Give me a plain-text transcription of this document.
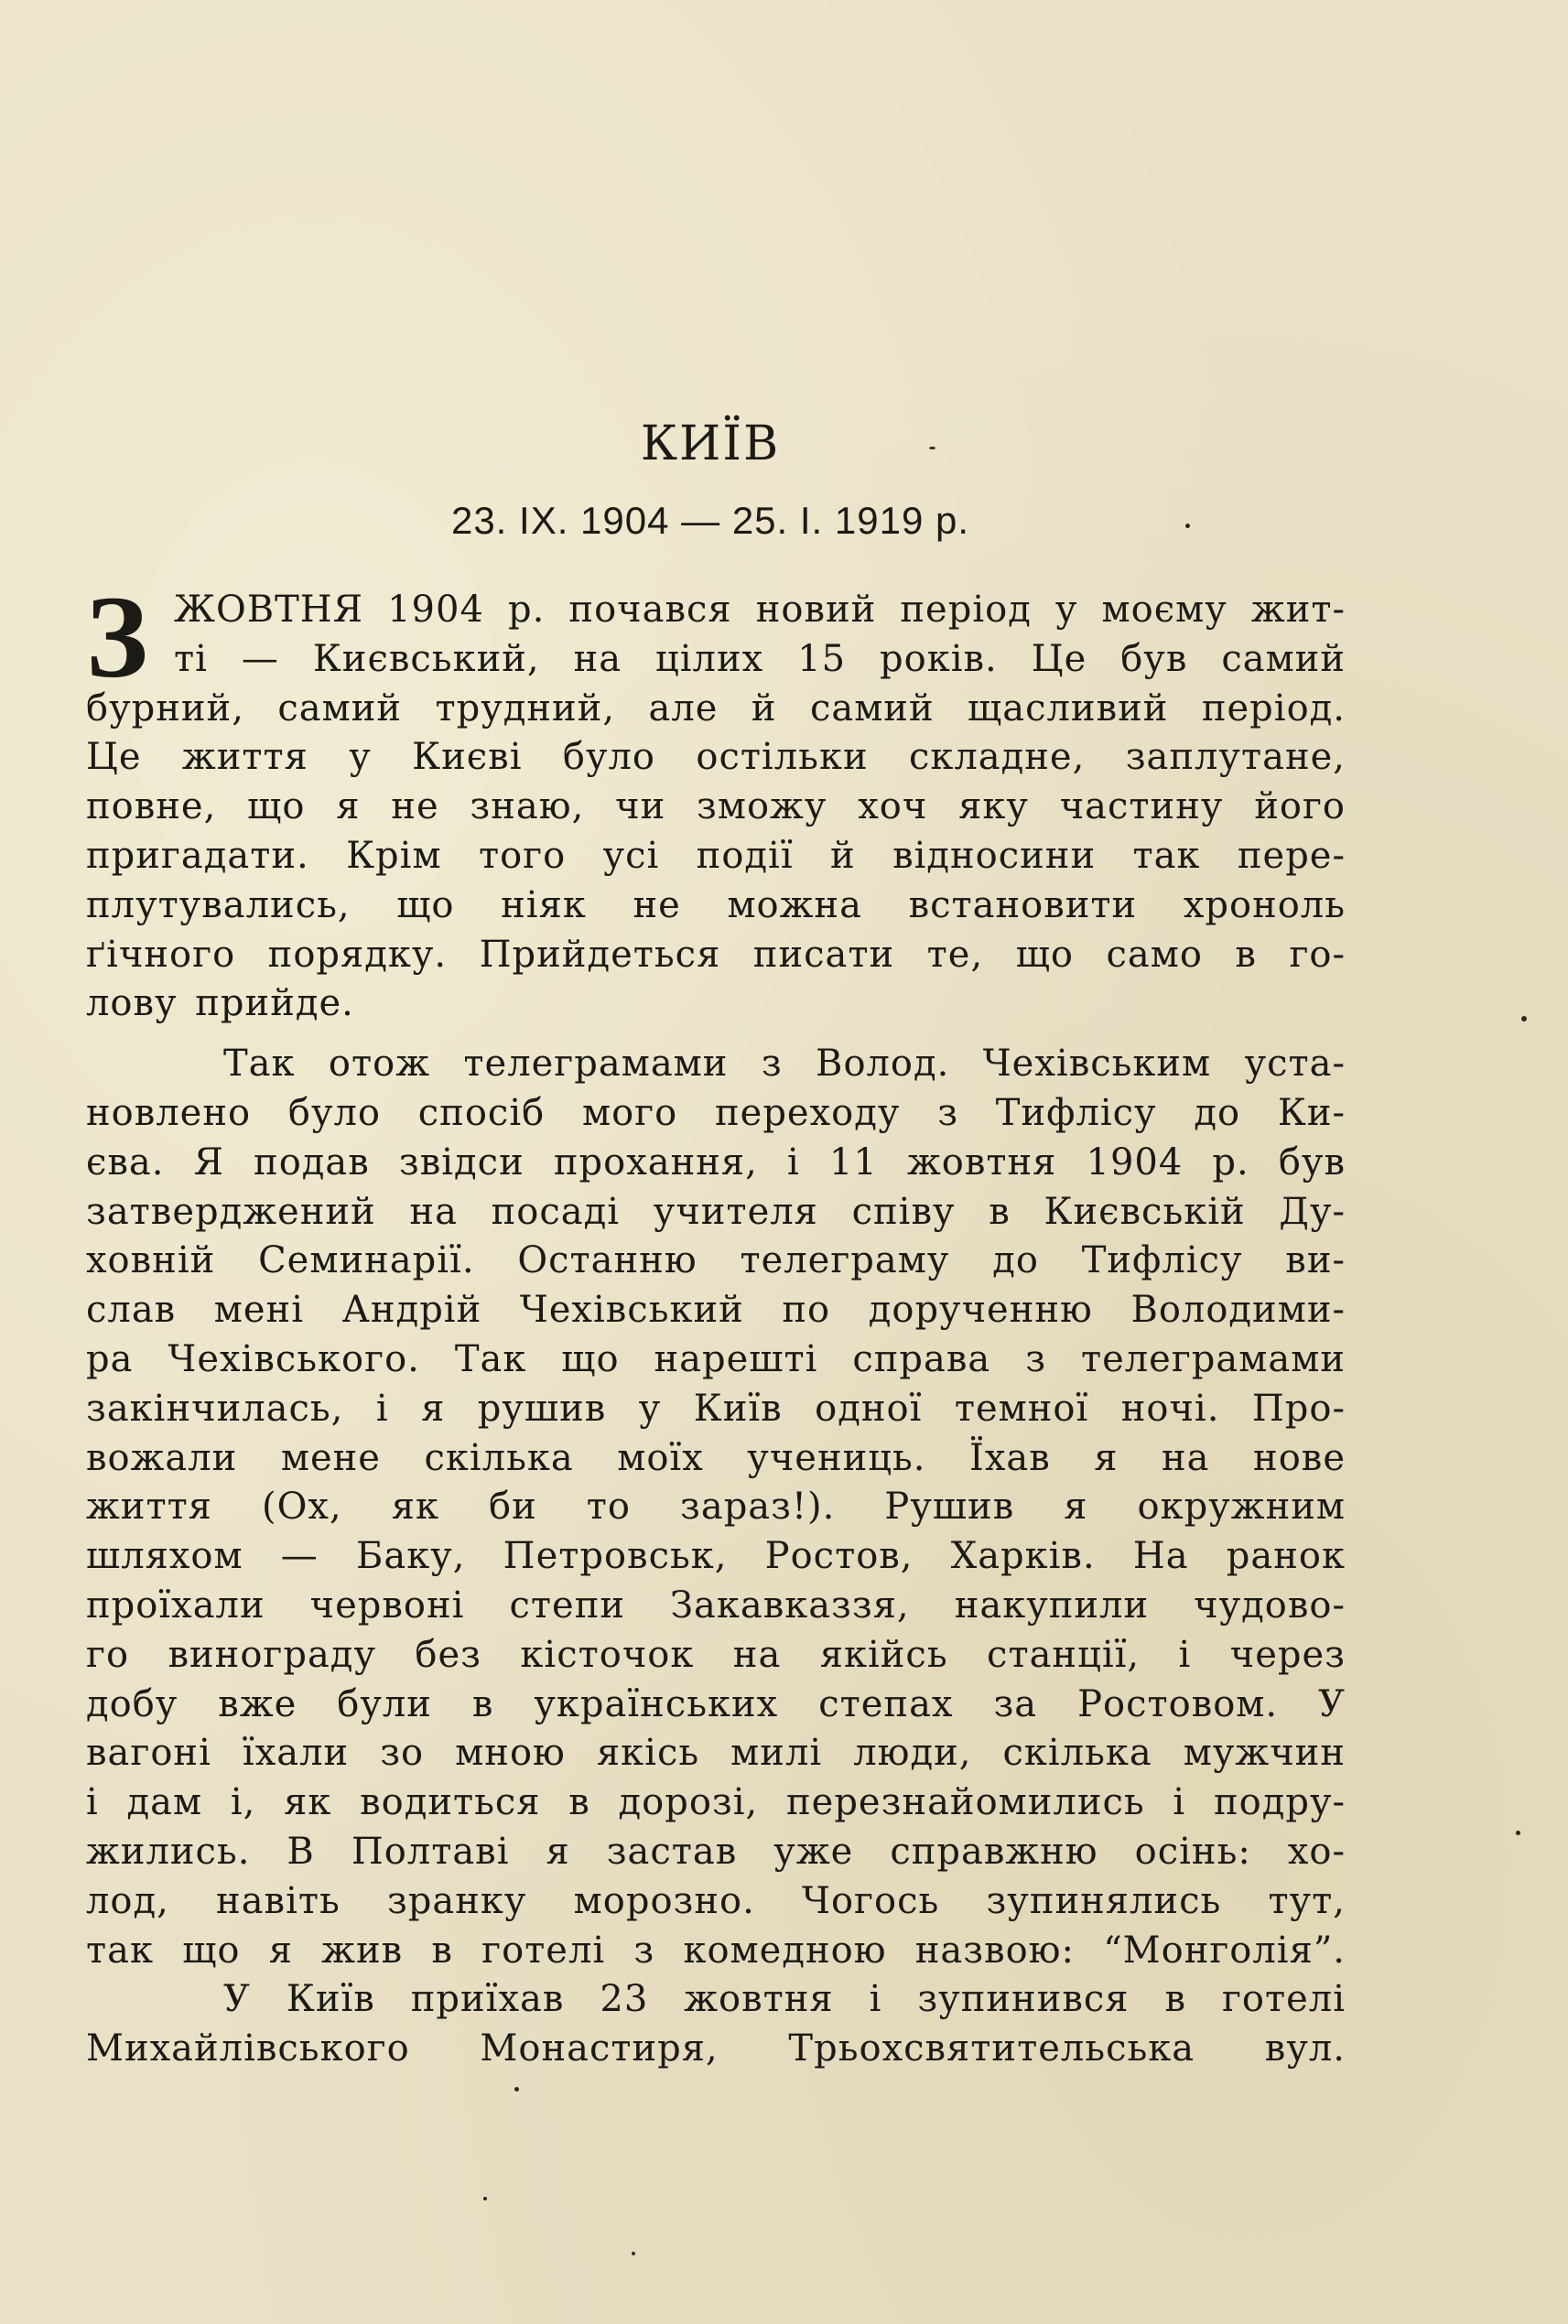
КИЇВ
23. IX. 1904 — 25. I. 1919 р.
З ЖОВТНЯ 1904 р. почався новий період у моєму жит-
ті — Києвський, на цілих 15 років. Це був самий
бурний, самий трудний, але й самий щасливий період.
Це життя у Києві було остільки складне, заплутане,
повне, що я не знаю, чи зможу хоч яку частину його
пригадати. Крім того усі події й відносини так пере-
плутувались, що ніяк не можна встановити хроноль
ґічного порядку. Прийдеться писати те, що само в го-
лову прийде.
Так отож телеграмами з Волод. Чехівським уста-
новлено було спосіб мого переходу з Тифлісу до Ки-
єва. Я подав звідси прохання, і 11 жовтня 1904 р. був
затверджений на посаді учителя співу в Києвській Ду-
ховній Семинарії. Останню телеграму до Тифлісу ви-
слав мені Андрій Чехівський по дорученню Володими-
ра Чехівського. Так що нарешті справа з телеграмами
закінчилась, і я рушив у Київ одної темної ночі. Про-
вожали мене скілька моїх учениць. Їхав я на нове
життя (Ох, як би то зараз!). Рушив я окружним
шляхом — Баку, Петровськ, Ростов, Харків. На ранок
проїхали червоні степи Закавказзя, накупили чудово-
го винограду без кісточок на якійсь станції, і через
добу вже були в українських степах за Ростовом. У
вагоні їхали зо мною якісь милі люди, скілька мужчин
і дам і, як водиться в дорозі, перезнайомились і подру-
жились. В Полтаві я застав уже справжню осінь: хо-
лод, навіть зранку морозно. Чогось зупинялись тут,
так що я жив в готелі з комедною назвою: “Монголія”.
У Київ приїхав 23 жовтня і зупинився в готелі
Михайлівського Монастиря, Трьохсвятительська вул.
